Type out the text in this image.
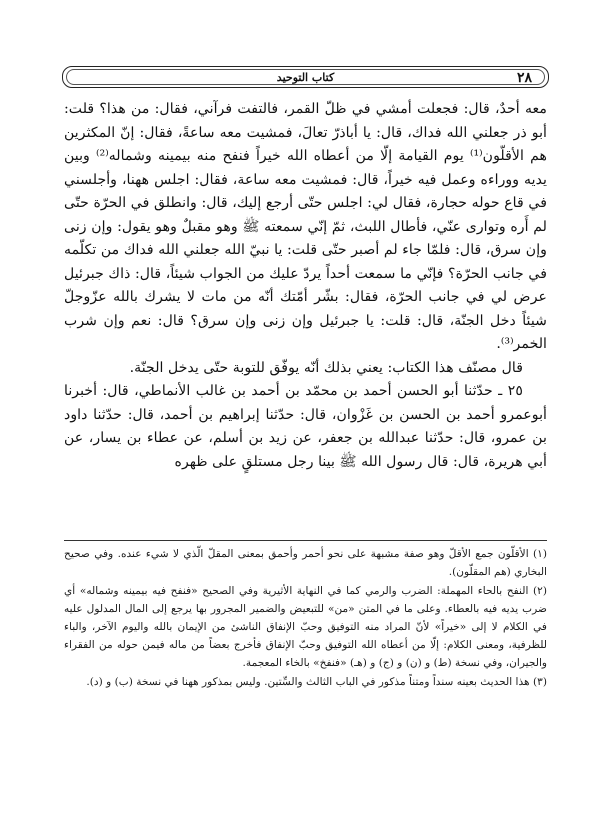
كتاب التوحيد	٢٨

معه أحدٌ، قال: فجعلت أمشي في ظلّ القمر، فالتفت فرآني، فقال: من هذا؟ قلت: أبو ذر جعلني الله فداك، قال: يا أباذرّ تعالَ، فمشيت معه ساعةً، فقال: إنّ المكثرين هم الأقلّون⁽¹⁾ يوم القيامة إلّا من أعطاه الله خيراً فنفح منه بيمينه وشماله⁽²⁾ وبين يديه ووراءه وعمل فيه خيراً، قال: فمشيت معه ساعة، فقال: اجلس ههنا، وأجلسني في قاع حوله حجارة، فقال لي: اجلس حتّى أرجع إليك، قال: وانطلق في الحرّة حتّى لم أَره وتوارى عنّي، فأطال اللبث، ثمّ إنّي سمعته ﷺ وهو مقبلٌ وهو يقول: وإن زنى وإن سرق، قال: فلمّا جاء لم أصبر حتّى قلت: يا نبيّ الله جعلني الله فداك من تكلّمه في جانب الحرّة؟ فإنّي ما سمعت أحداً يردّ عليك من الجواب شيئاً، قال: ذاك جبرئيل عرض لي في جانب الحرّة، فقال: بشّر أمّتك أنّه من مات لا يشرك بالله عزّوجلّ شيئاً دخل الجنّة، قال: قلت: يا جبرئيل وإن زنى وإن سرق؟ قال: نعم وإن شرب الخمر⁽³⁾.

قال مصنّف هذا الكتاب: يعني بذلك أنّه يوفّق للتوبة حتّى يدخل الجنّة.

٢٥ ـ حدّثنا أبو الحسن أحمد بن محمّد بن أحمد بن غالب الأنماطي، قال: أخبرنا أبوعمرو أحمد بن الحسن بن غَزْوان، قال: حدّثنا إبراهيم بن أحمد، قال: حدّثنا داود بن عمرو، قال: حدّثنا عبدالله بن جعفر، عن زيد بن أسلم، عن عطاء بن يسار، عن أبي هريرة، قال: قال رسول الله ﷺ بينا رجل مستلقٍ على ظهره

(١) الأقلّون جمع الأقلّ وهو صفة مشبهة على نحو أحمر وأحمق بمعنى المقلّ الّذي لا شيء عنده. وفي صحيح البخاري (هم المقلّون).

(٢) النفح بالحاء المهملة: الضرب والرمي كما في النهاية الأثيرية وفي الصحيح «فنفح فيه بيمينه وشماله» أي ضرب يديه فيه بالعطاء. وعلى ما في المتن «من» للتبعيض والضمير المجرور بها يرجع إلى المال المدلول عليه في الكلام لا إلى «خيراً» لأنّ المراد منه التوفيق وحبّ الإنفاق الناشئ من الإيمان بالله واليوم الآخر، والباء للظرفية، ومعنى الكلام: إلّا من أعطاه الله التوفيق وحبّ الإنفاق فأخرج بعضاً من ماله فيمن حوله من الفقراء والجيران، وفي نسخة (ط) و (ن) و (ج) و (هـ) «فنفخ» بالخاء المعجمة.

(٣) هذا الحديث بعينه سنداً ومتناً مذكور في الباب الثالث والسِّتين. وليس بمذكور ههنا في نسخة (ب) و (د).
